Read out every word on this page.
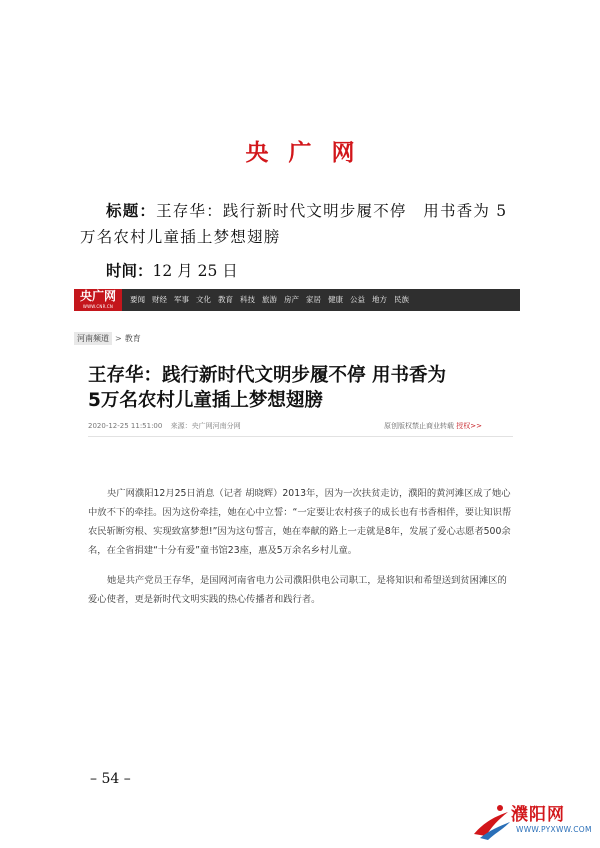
央广网
标题：王存华：践行新时代文明步履不停　用书香为 5 万名农村儿童插上梦想翅膀
时间：12 月 25 日
央广网
WWW.CNR.CN
要闻 财经 军事 文化 教育 科技 旅游 房产 家居 健康 公益 地方 民族
河南频道 > 教育
王存华：践行新时代文明步履不停 用书香为
5万名农村儿童插上梦想翅膀
2020-12-25 11:51:00 来源：央广网河南分网	原创版权禁止商业转载 授权>>
央广网濮阳12月25日消息（记者 胡晓辉）2013年，因为一次扶贫走访，濮阳的黄河滩区成了她心中放不下的牵挂。因为这份牵挂，她在心中立誓：“一定要让农村孩子的成长也有书香相伴，要让知识帮农民斩断穷根、实现致富梦想!”因为这句誓言，她在奉献的路上一走就是8年，发展了爱心志愿者500余名，在全省捐建“十分有爱”童书馆23座，惠及5万余名乡村儿童。
她是共产党员王存华，是国网河南省电力公司濮阳供电公司职工，是将知识和希望送到贫困滩区的爱心使者，更是新时代文明实践的热心传播者和践行者。
– 54 –
濮阳网
WWW.PYXWW.COM
